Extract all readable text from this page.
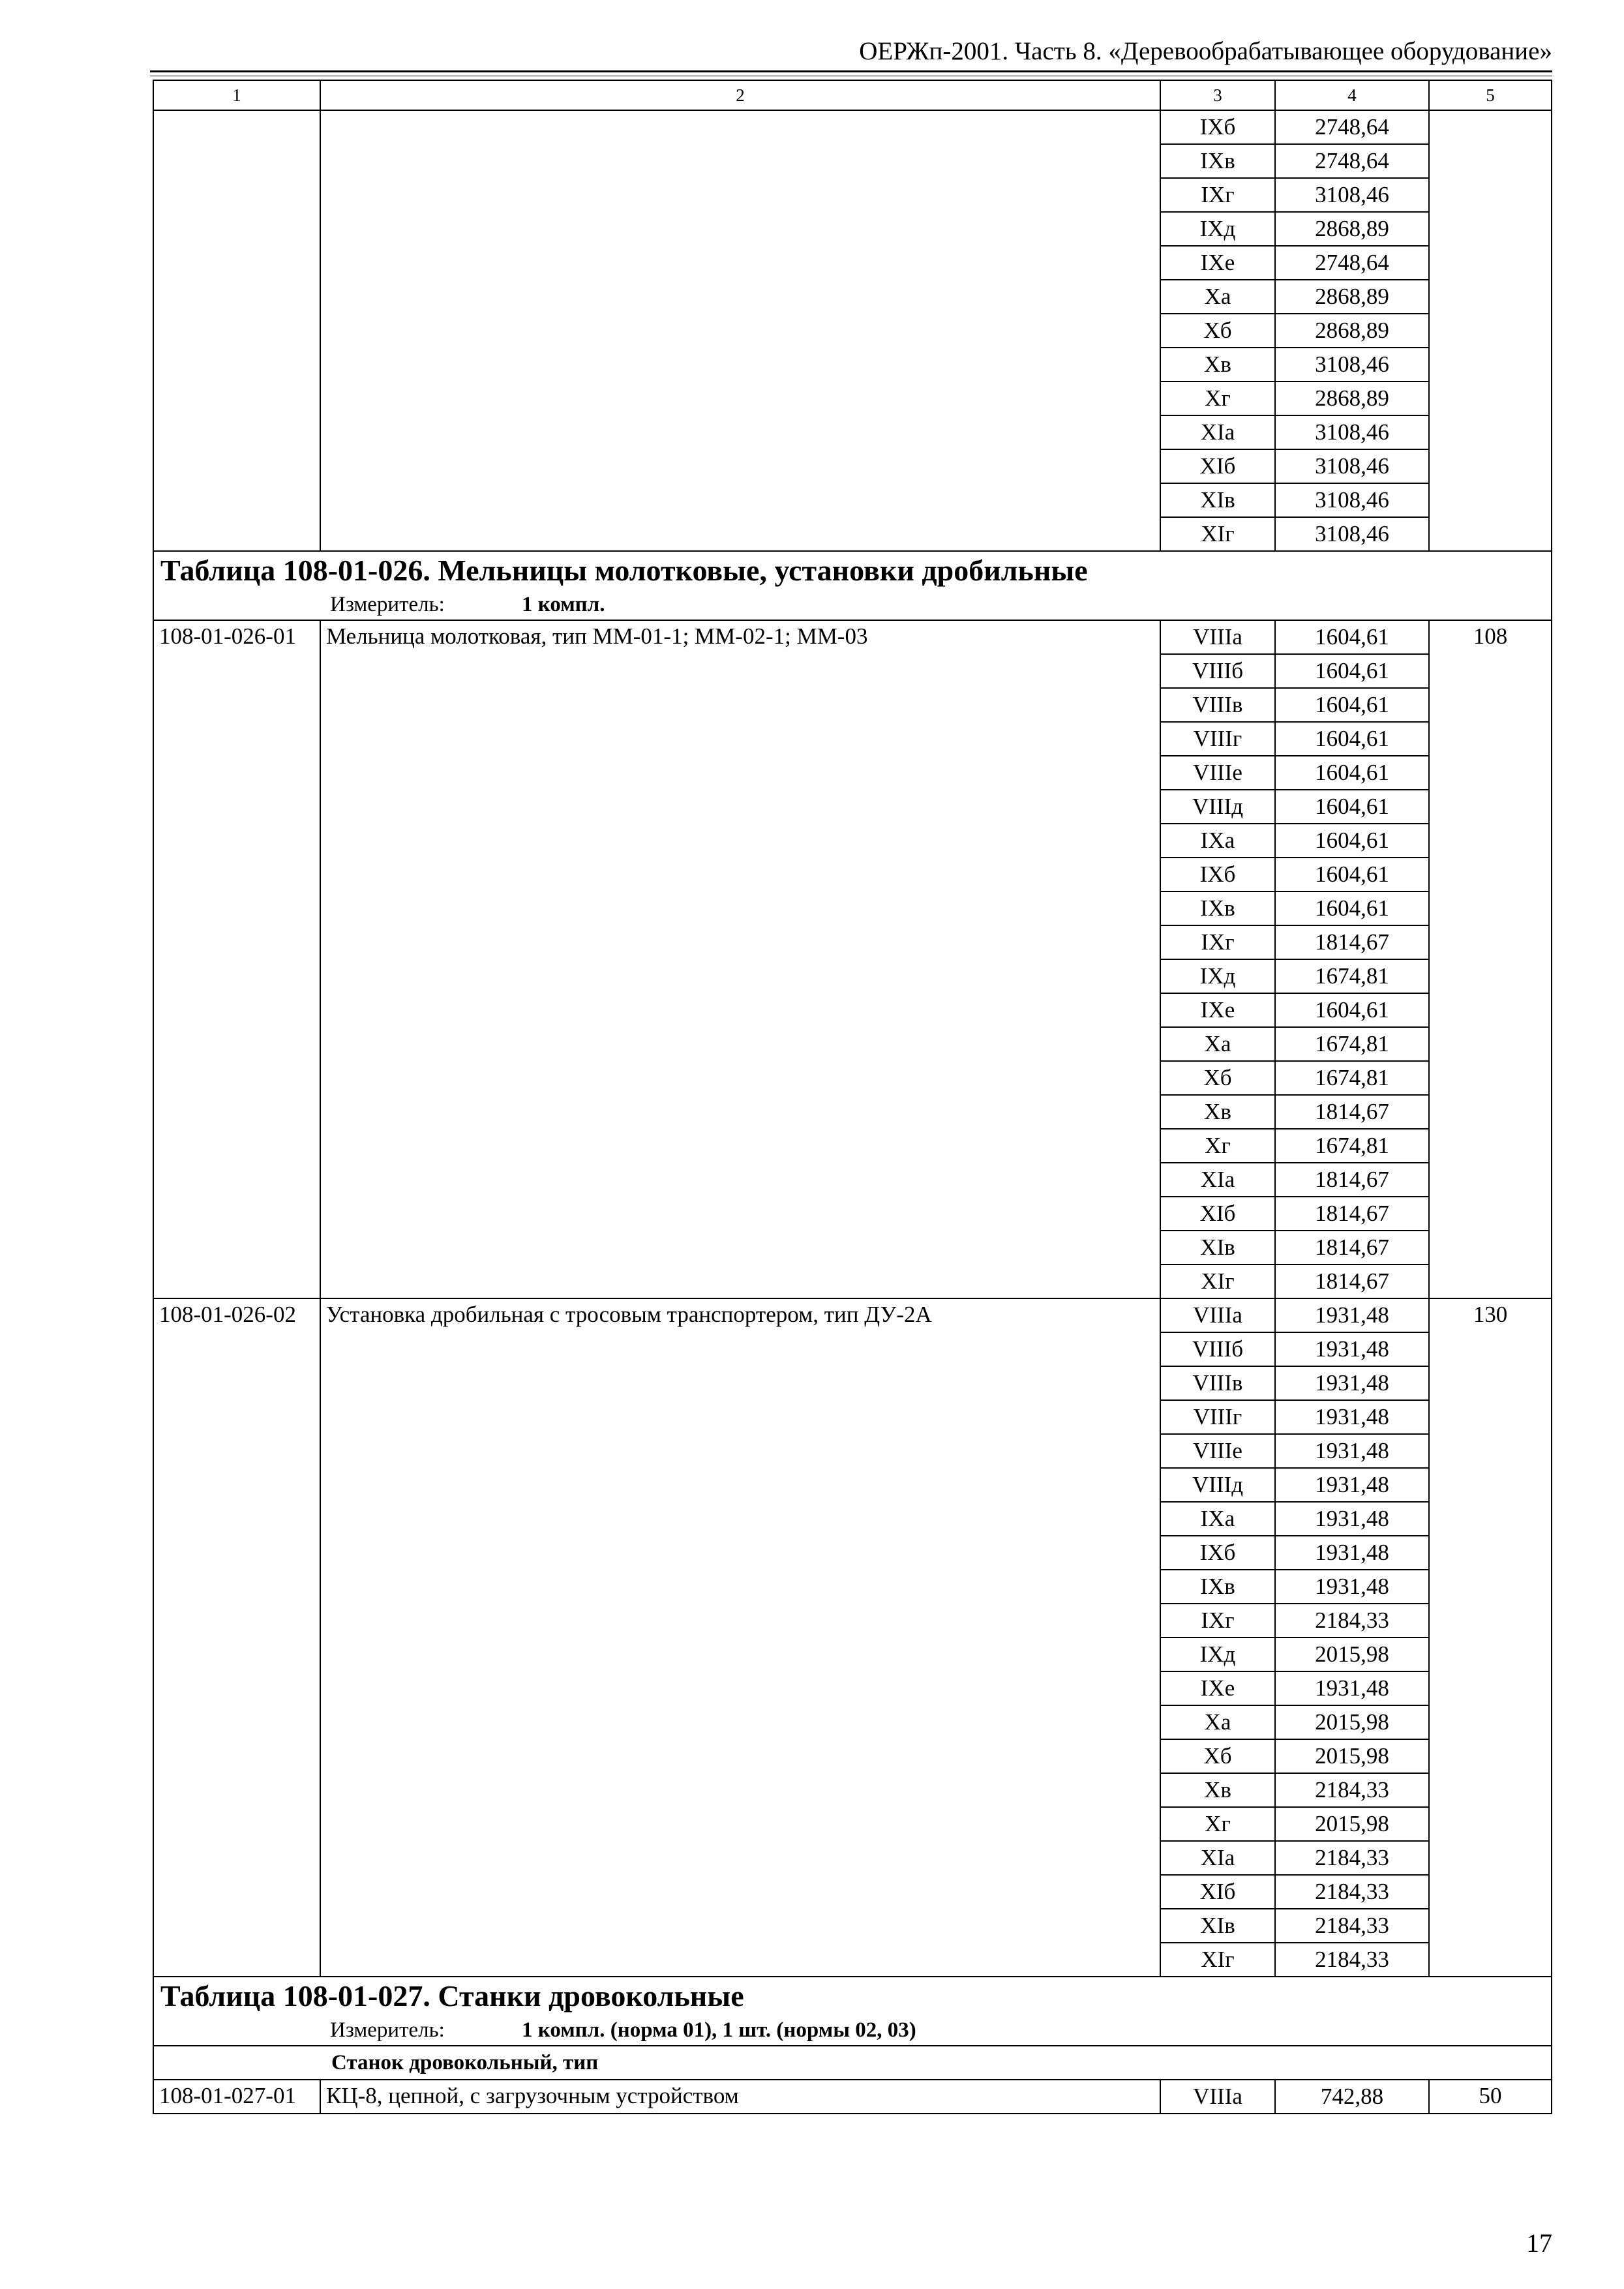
ОЕРЖп-2001. Часть 8. «Деревообрабатывающее оборудование»
1	2	3	4	5
		IXб	2748,64	
		IXв	2748,64	
		IXг	3108,46	
		IXд	2868,89	
		IXе	2748,64	
		Xа	2868,89	
		Xб	2868,89	
		Xв	3108,46	
		Xг	2868,89	
		XIа	3108,46	
		XIб	3108,46	
		XIв	3108,46	
		XIг	3108,46	
Таблица 108-01-026. Мельницы молотковые, установки дробильные				
Измеритель: 1 компл.				
108-01-026-01	Мельница молотковая, тип ММ-01-1; ММ-02-1; ММ-03	VIIIа	1604,61	108
		VIIIб	1604,61	
		VIIIв	1604,61	
		VIIIг	1604,61	
		VIIIе	1604,61	
		VIIIд	1604,61	
		IXа	1604,61	
		IXб	1604,61	
		IXв	1604,61	
		IXг	1814,67	
		IXд	1674,81	
		IXе	1604,61	
		Xа	1674,81	
		Xб	1674,81	
		Xв	1814,67	
		Xг	1674,81	
		XIа	1814,67	
		XIб	1814,67	
		XIв	1814,67	
		XIг	1814,67	
108-01-026-02	Установка дробильная с тросовым транспортером, тип ДУ-2А	VIIIа	1931,48	130
		VIIIб	1931,48	
		VIIIв	1931,48	
		VIIIг	1931,48	
		VIIIе	1931,48	
		VIIIд	1931,48	
		IXа	1931,48	
		IXб	1931,48	
		IXв	1931,48	
		IXг	2184,33	
		IXд	2015,98	
		IXе	1931,48	
		Xа	2015,98	
		Xб	2015,98	
		Xв	2184,33	
		Xг	2015,98	
		XIа	2184,33	
		XIб	2184,33	
		XIв	2184,33	
		XIг	2184,33	
Таблица 108-01-027. Станки дровокольные				
Измеритель: 1 компл. (норма 01), 1 шт. (нормы 02, 03)				
Станок дровокольный, тип				
108-01-027-01	КЦ-8, цепной, с загрузочным устройством	VIIIа	742,88	50
17
